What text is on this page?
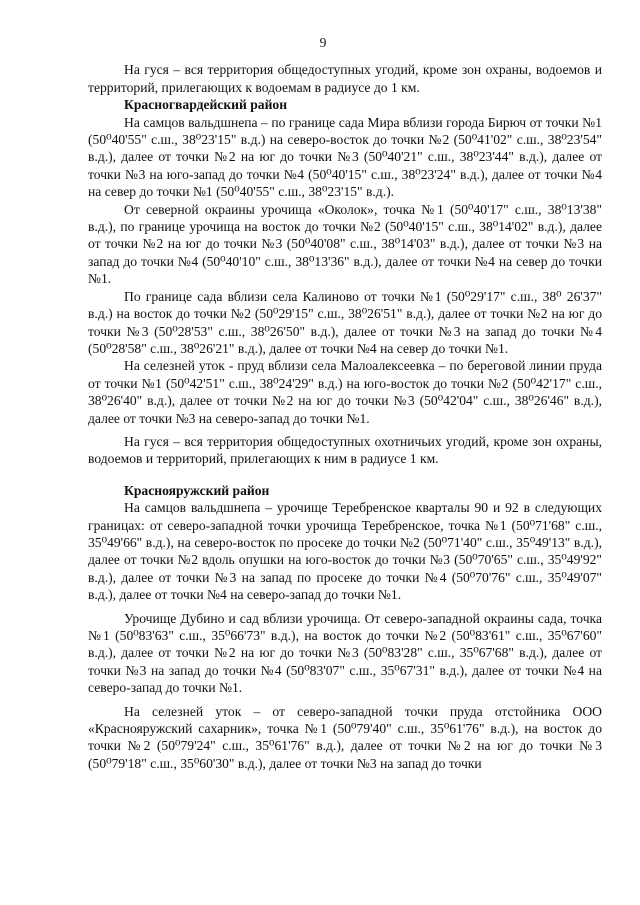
9

На гуся – вся территория общедоступных угодий, кроме зон охраны, водоемов и территорий, прилегающих к водоемам в радиусе до 1 км.

Красногвардейский район

На самцов вальдшнепа – по границе сада Мира вблизи города Бирюч от точки №1 (50⁰40'55" с.ш., 38⁰23'15" в.д.) на северо-восток до точки №2 (50⁰41'02" с.ш., 38⁰23'54" в.д.), далее от точки №2 на юг до точки №3 (50⁰40'21" с.ш., 38⁰23'44" в.д.), далее от точки №3 на юго-запад до точки №4 (50⁰40'15" с.ш., 38⁰23'24" в.д.), далее от точки №4 на север до точки №1 (50⁰40'55" с.ш., 38⁰23'15" в.д.).

От северной окраины урочища «Околок», точка №1 (50⁰40'17" с.ш., 38⁰13'38" в.д.), по границе урочища на восток до точки №2 (50⁰40'15" с.ш., 38⁰14'02" в.д.), далее от точки №2 на юг до точки №3 (50⁰40'08" с.ш., 38⁰14'03" в.д.), далее от точки №3 на запад до точки №4 (50⁰40'10" с.ш., 38⁰13'36" в.д.), далее от точки №4 на север до точки №1.

По границе сада вблизи села Калиново от точки №1 (50⁰29'17" с.ш., 38⁰ 26'37" в.д.) на восток до точки №2 (50⁰29'15" с.ш., 38⁰26'51" в.д.), далее от точки №2 на юг до точки №3 (50⁰28'53" с.ш., 38⁰26'50" в.д.), далее от точки №3 на запад до точки №4 (50⁰28'58" с.ш., 38⁰26'21" в.д.), далее от точки №4 на север до точки №1.

На селезней уток - пруд вблизи села Малоалексеевка – по береговой линии пруда от точки №1 (50⁰42'51" с.ш., 38⁰24'29" в.д.) на юго-восток до точки №2 (50⁰42'17" с.ш., 38⁰26'40" в.д.), далее от точки №2 на юг до точки №3 (50⁰42'04" с.ш., 38⁰26'46" в.д.), далее от точки №3 на северо-запад до точки №1.

На гуся – вся территория общедоступных охотничьих угодий, кроме зон охраны, водоемов и территорий, прилегающих к ним в радиусе 1 км.

Краснояружский район

На самцов вальдшнепа – урочище Теребренское кварталы 90 и 92 в следующих границах: от северо-западной точки урочища Теребренское, точка №1 (50⁰71'68" с.ш., 35⁰49'66" в.д.), на северо-восток по просеке до точки №2 (50⁰71'40" с.ш., 35⁰49'13" в.д.), далее от точки №2 вдоль опушки на юго-восток до точки №3 (50⁰70'65" с.ш., 35⁰49'92" в.д.), далее от точки №3 на запад по просеке до точки №4 (50⁰70'76" с.ш., 35⁰49'07" в.д.), далее от точки №4 на северо-запад до точки №1.

Урочище Дубино и сад вблизи урочища. От северо-западной окраины сада, точка №1 (50⁰83'63" с.ш., 35⁰66'73" в.д.), на восток до точки №2 (50⁰83'61" с.ш., 35⁰67'60" в.д.), далее от точки №2 на юг до точки №3 (50⁰83'28" с.ш., 35⁰67'68" в.д.), далее от точки №3 на запад до точки №4 (50⁰83'07" с.ш., 35⁰67'31" в.д.), далее от точки №4 на северо-запад до точки №1.

На селезней уток – от северо-западной точки пруда отстойника ООО «Краснояружский сахарник», точка №1 (50⁰79'40" с.ш., 35⁰61'76" в.д.), на восток до точки №2 (50⁰79'24" с.ш., 35⁰61'76" в.д.), далее от точки №2 на юг до точки №3 (50⁰79'18" с.ш., 35⁰60'30" в.д.), далее от точки №3 на запад до точки
